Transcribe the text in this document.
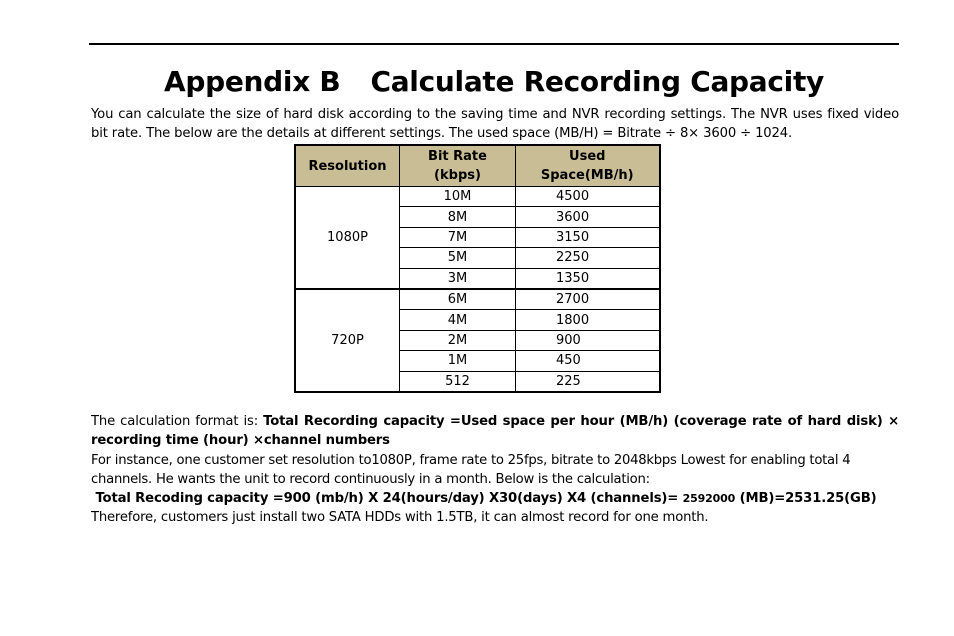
Appendix B Calculate Recording Capacity

You can calculate the size of hard disk according to the saving time and NVR recording settings. The NVR uses fixed video bit rate. The below are the details at different settings. The used space (MB/H) = Bitrate ÷ 8× 3600 ÷ 1024.

Resolution	Bit Rate (kbps)	Used Space(MB/h)
1080P	10M	4500
	8M	3600
	7M	3150
	5M	2250
	3M	1350
720P	6M	2700
	4M	1800
	2M	900
	1M	450
	512	225

The calculation format is: Total Recording capacity =Used space per hour (MB/h) (coverage rate of hard disk) × recording time (hour) ×channel numbers

For instance, one customer set resolution to1080P, frame rate to 25fps, bitrate to 2048kbps Lowest for enabling total 4 channels. He wants the unit to record continuously in a month. Below is the calculation:

Total Recoding capacity =900 (mb/h) X 24(hours/day) X30(days) X4 (channels)= 2592000 (MB)=2531.25(GB)

Therefore, customers just install two SATA HDDs with 1.5TB, it can almost record for one month.
